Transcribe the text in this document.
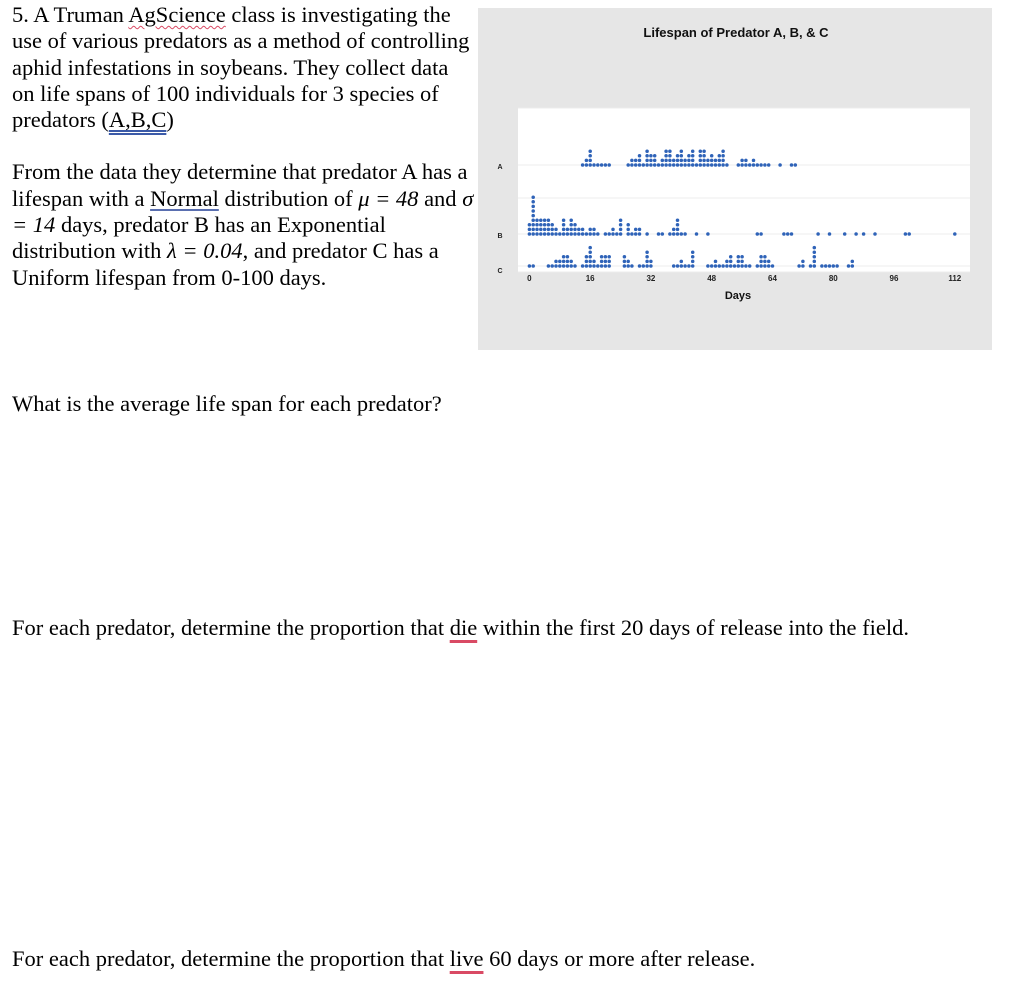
5. A Truman AgScience class is investigating the use of various predators as a method of controlling aphid infestations in soybeans. They collect data on life spans of 100 individuals for 3 species of predators (A,B,C)

From the data they determine that predator A has a lifespan with a Normal distribution of μ = 48 and σ = 14 days, predator B has an Exponential distribution with λ = 0.04, and predator C has a Uniform lifespan from 0-100 days.

Lifespan of Predator A, B, & C
0	16	32	48	64	80	96	112
A
B
C
Days

What is the average life span for each predator?

For each predator, determine the proportion that die within the first 20 days of release into the field.

For each predator, determine the proportion that live 60 days or more after release.
